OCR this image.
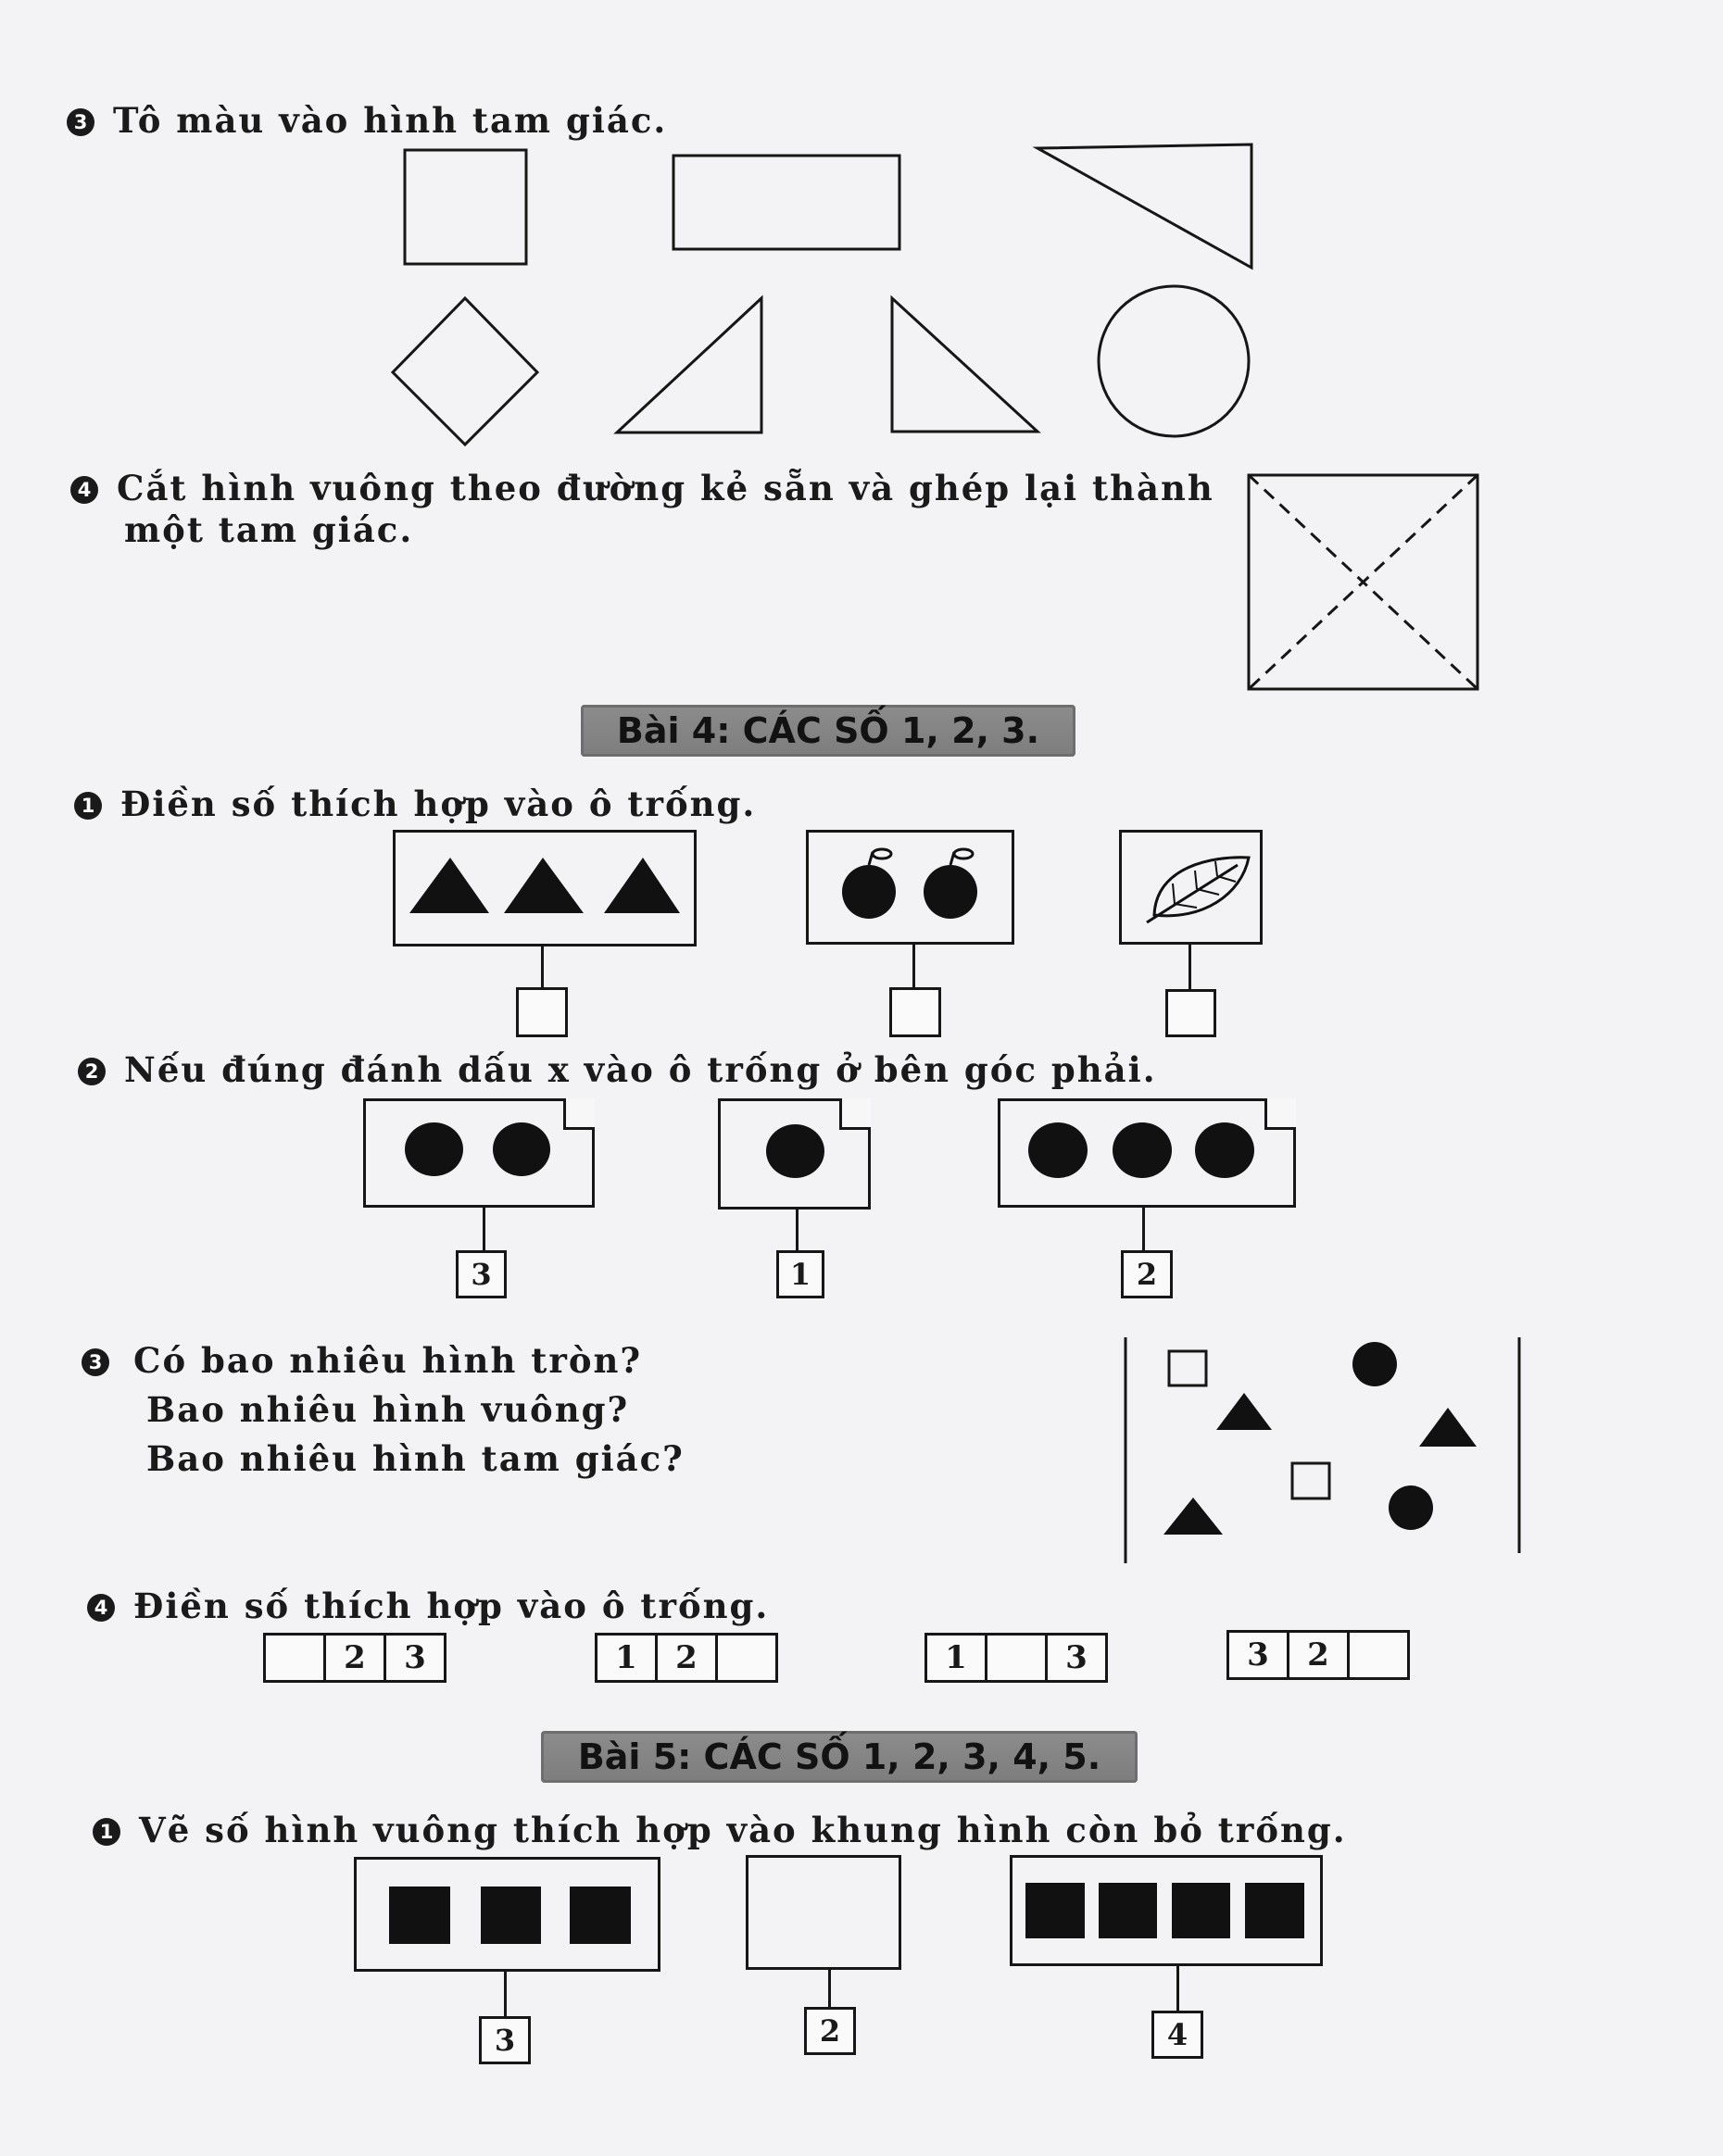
3 Tô màu vào hình tam giác.
4 Cắt hình vuông theo đường kẻ sẵn và ghép lại thành
một tam giác.
Bài 4: CÁC SỐ 1, 2, 3.
1 Điền số thích hợp vào ô trống.
2 Nếu đúng đánh dấu x vào ô trống ở bên góc phải.
3	1	2
3 Có bao nhiêu hình tròn?
Bao nhiêu hình vuông?
Bao nhiêu hình tam giác?
4 Điền số thích hợp vào ô trống.
2	3	1	2	1	3	3	2
Bài 5: CÁC SỐ 1, 2, 3, 4, 5.
1 Vẽ số hình vuông thích hợp vào khung hình còn bỏ trống.
3	2	4
